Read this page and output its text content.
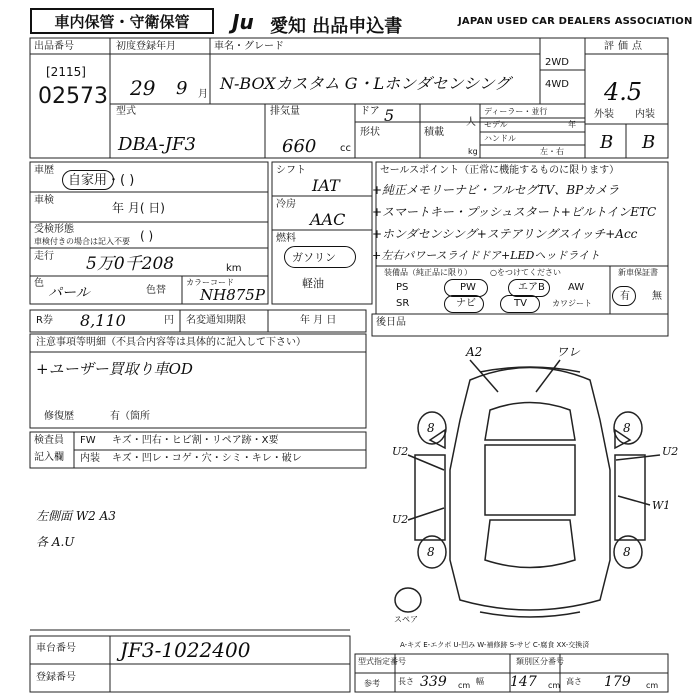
車内保管・守衛保管	Ju 愛知 出品申込書	JAPAN USED CAR DEALERS ASSOCIATION
出品番号
[2115]
02573
初度登録年月
29 9 月
車名・グレード
N-BOXカスタム G・Lホンダセンシング
2WD
4WD
評価点
4.5
型式
DBA-JF3
排気量
660 cc
ドア 5	人
形状	積載
kg
ディーラー・並行
モデル	年
ハンドル
左・右
外装 内装
B B
車歴
自家用・( )
車検
年 月( 日)
受検形態
車検付きの場合は記入不要 ( )
走行 5万0千208	km
色
パール	色替
カラーコード
NH875P
シフト
IAT
冷房
AAC
燃料
ガソリン
軽油
セールスポイント（正常に機能するものに限ります）
+純正メモリーナビ・フルセグTV、BPカメラ
+スマートキー・プッシュスタート+ビルトインETC
+ホンダセンシング+ステアリングスイッチ+Acc
+左右パワースライドドア+LEDヘッドライト
装備品（純正品に限り） ○をつけてください
PS	PW	エアB AW
SR	ナビ	TV	カワジート
新車保証書
有 無
R券 8,110	円 名変通知期限	年 月 日	後日品
注意事項等明細（不具合内容等は具体的に記入して下さい）
+ユーザー買取り車OD
修復歴	有（箇所
検査員
記入欄
FW キズ・凹右・ヒビ割・リペア跡・X要
内装 キズ・凹レ・コゲ・穴・シミ・キレ・破レ
左側面 W2 A3
各 A.U
A2	ワレ
U2
U2
U2
W1
8	8
8	8
スペア
A-キズ E-エクボ U-凹み W-補修跡 S-サビ C-腐食 XX-交換済
車台番号 JF3-1022400
登録番号
型式指定番号	類別区分番号
参考 長さ 339 cm 幅 147 cm 高さ 179 cm
